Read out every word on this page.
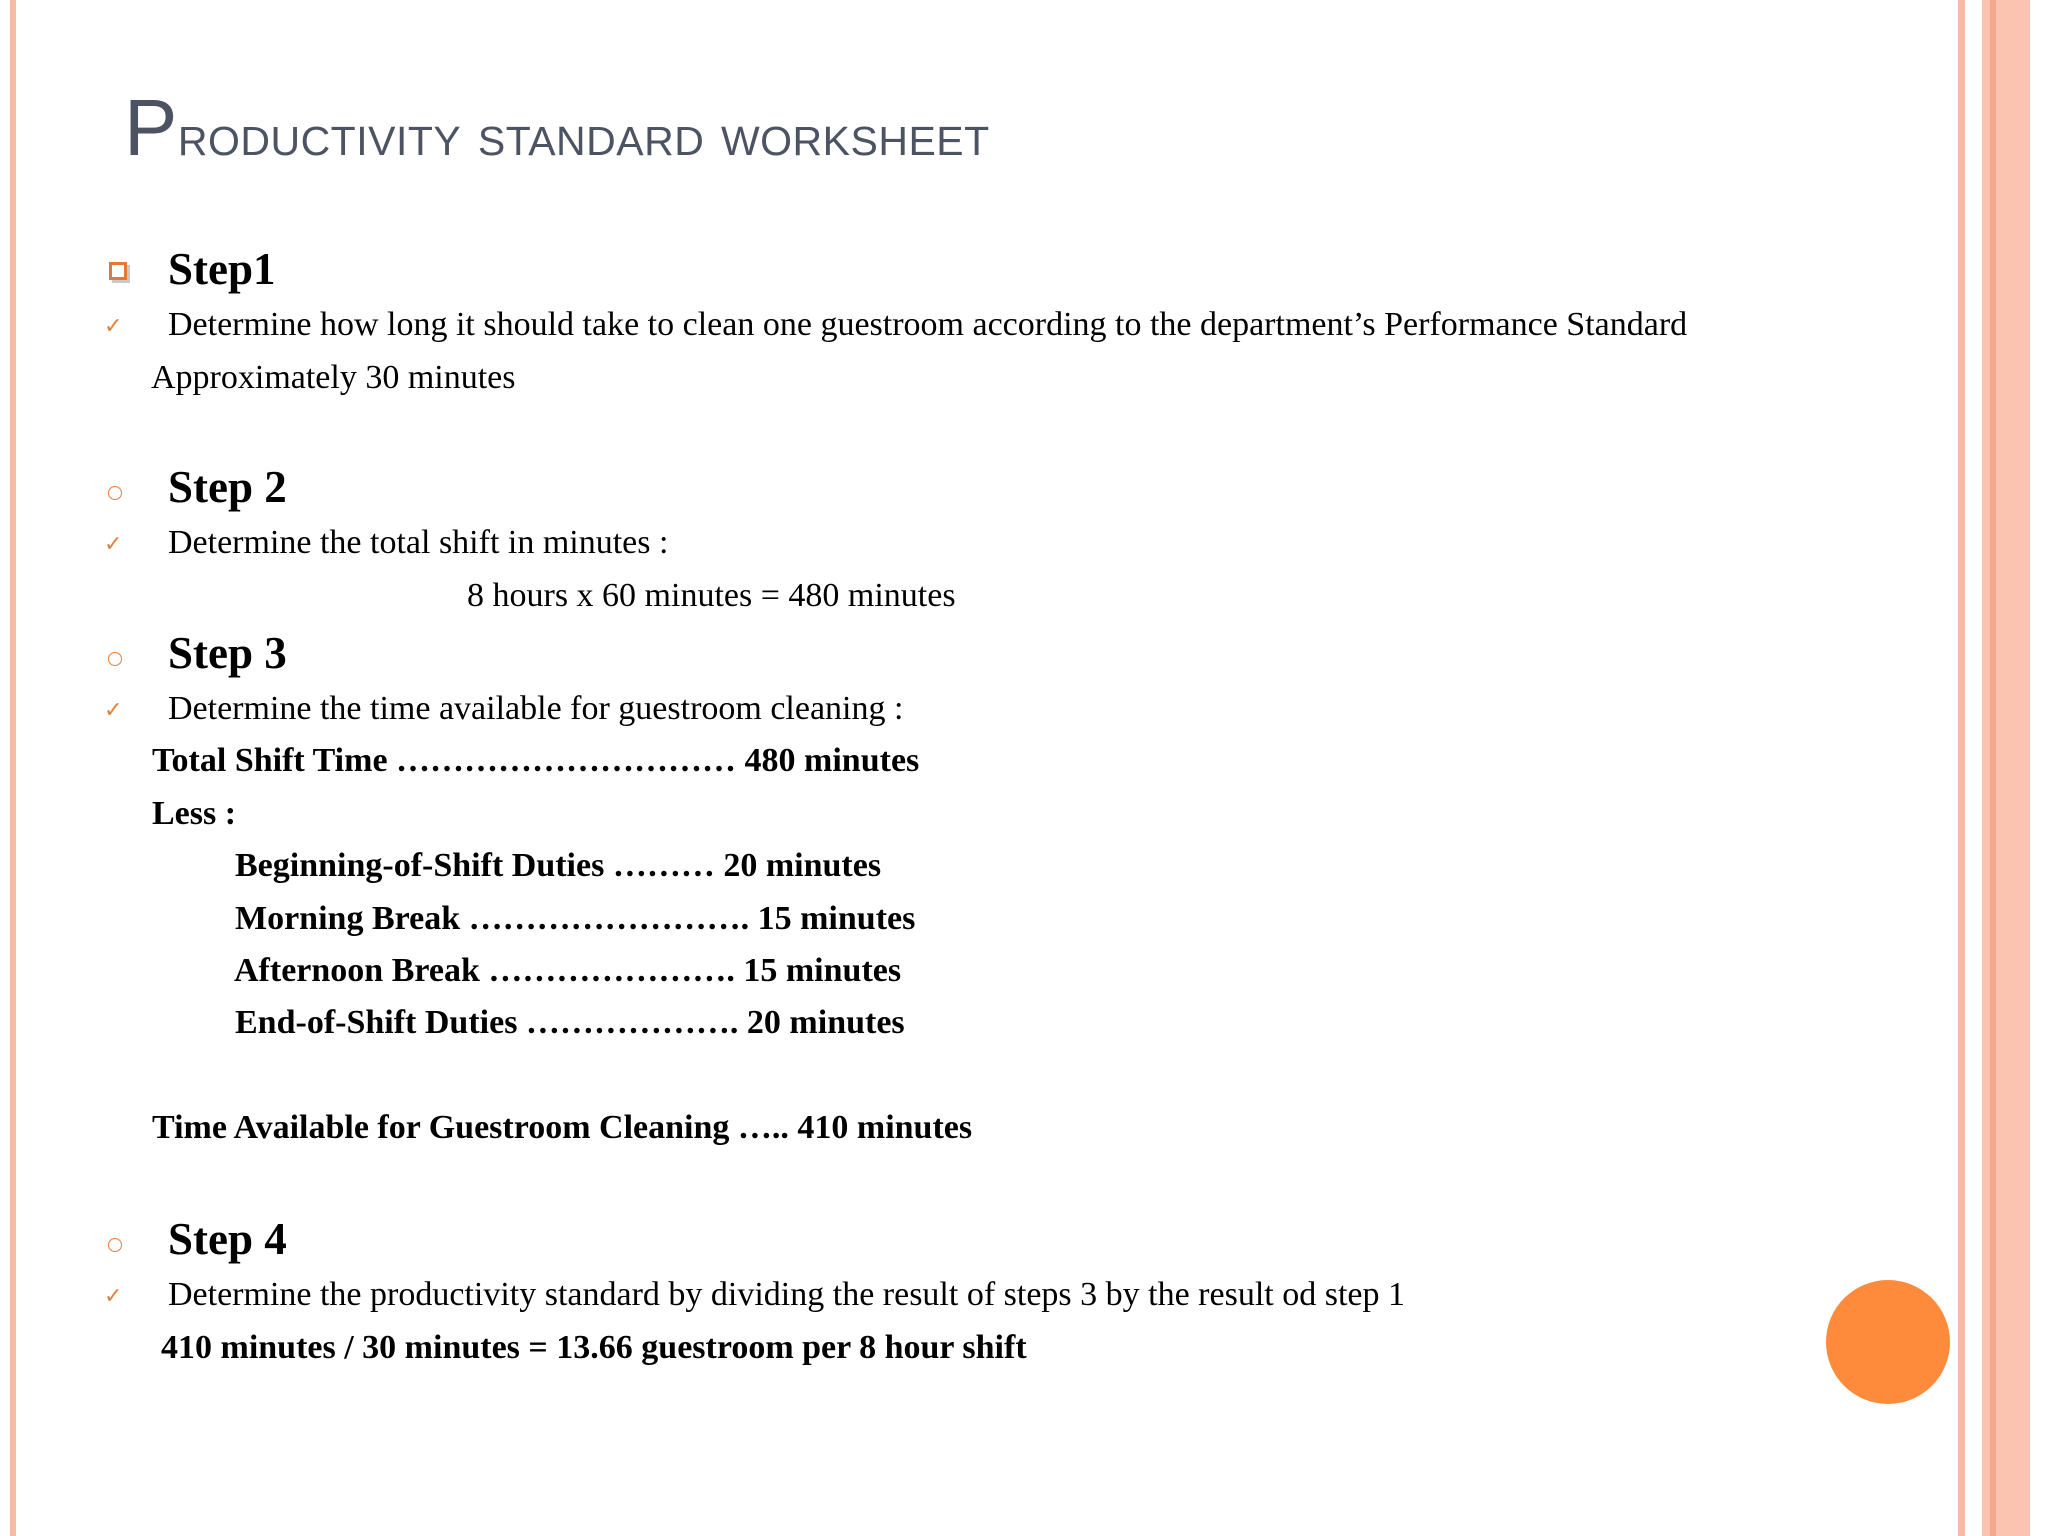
Productivity standard worksheet
Step1
✓ Determine how long it should take to clean one guestroom according to the department’s Performance Standard
Approximately 30 minutes
Step 2
✓ Determine the total shift in minutes :
8 hours x 60 minutes = 480 minutes
Step 3
✓ Determine the time available for guestroom cleaning :
Total Shift Time ………………………… 480 minutes
Less :
Beginning-of-Shift Duties ……… 20 minutes
Morning Break ……………………. 15 minutes
Afternoon Break …………………. 15 minutes
End-of-Shift Duties ………………. 20 minutes
Time Available for Guestroom Cleaning ….. 410 minutes
Step 4
✓ Determine the productivity standard by dividing the result of steps 3 by the result od step 1
410 minutes / 30 minutes = 13.66 guestroom per 8 hour shift
